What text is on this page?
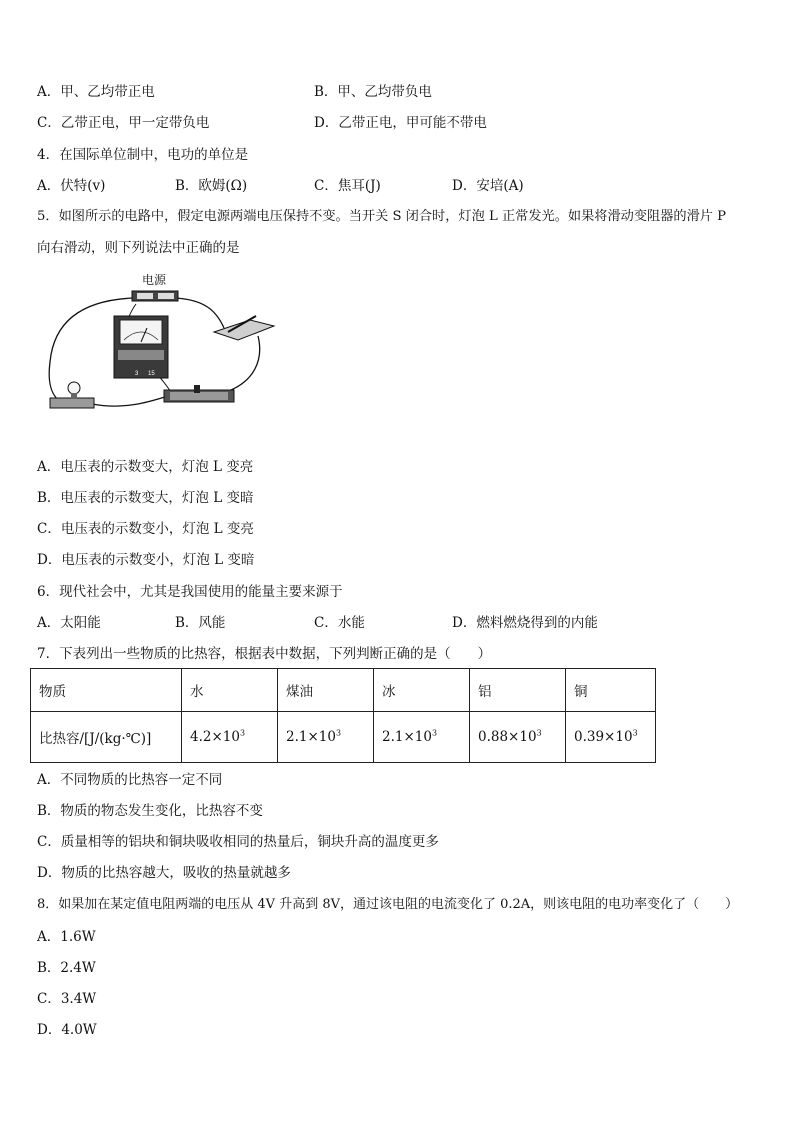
A．甲、乙均带正电	B．甲、乙均带负电
C．乙带正电，甲一定带负电	D．乙带正电，甲可能不带电
4．在国际单位制中，电功的单位是
A．伏特(v)	B．欧姆(Ω)	C．焦耳(J)	D．安培(A)
5．如图所示的电路中，假定电源两端电压保持不变。当开关 S 闭合时，灯泡 L 正常发光。如果将滑动变阻器的滑片 P
向右滑动，则下列说法中正确的是
电源
3 15
A．电压表的示数变大，灯泡 L 变亮
B．电压表的示数变大，灯泡 L 变暗
C．电压表的示数变小，灯泡 L 变亮
D．电压表的示数变小，灯泡 L 变暗
6．现代社会中，尤其是我国使用的能量主要来源于
A．太阳能	B．风能	C．水能	D．燃料燃烧得到的内能
7．下表列出一些物质的比热容，根据表中数据，下列判断正确的是（　　）
物质	水	煤油	冰	铝	铜
比热容/[J/(kg·℃)]	$4.2\times 10^3$	$2.1\times 10^3$	$2.1\times 10^3$	$0.88\times 10^3$	$0.39\times 10^3$
A．不同物质的比热容一定不同
B．物质的物态发生变化，比热容不变
C．质量相等的铝块和铜块吸收相同的热量后，铜块升高的温度更多
D．物质的比热容越大，吸收的热量就越多
8．如果加在某定值电阻两端的电压从 4V 升高到 8V，通过该电阻的电流变化了 0.2A，则该电阻的电功率变化了（　　）
A．1.6W
B．2.4W
C．3.4W
D．4.0W
